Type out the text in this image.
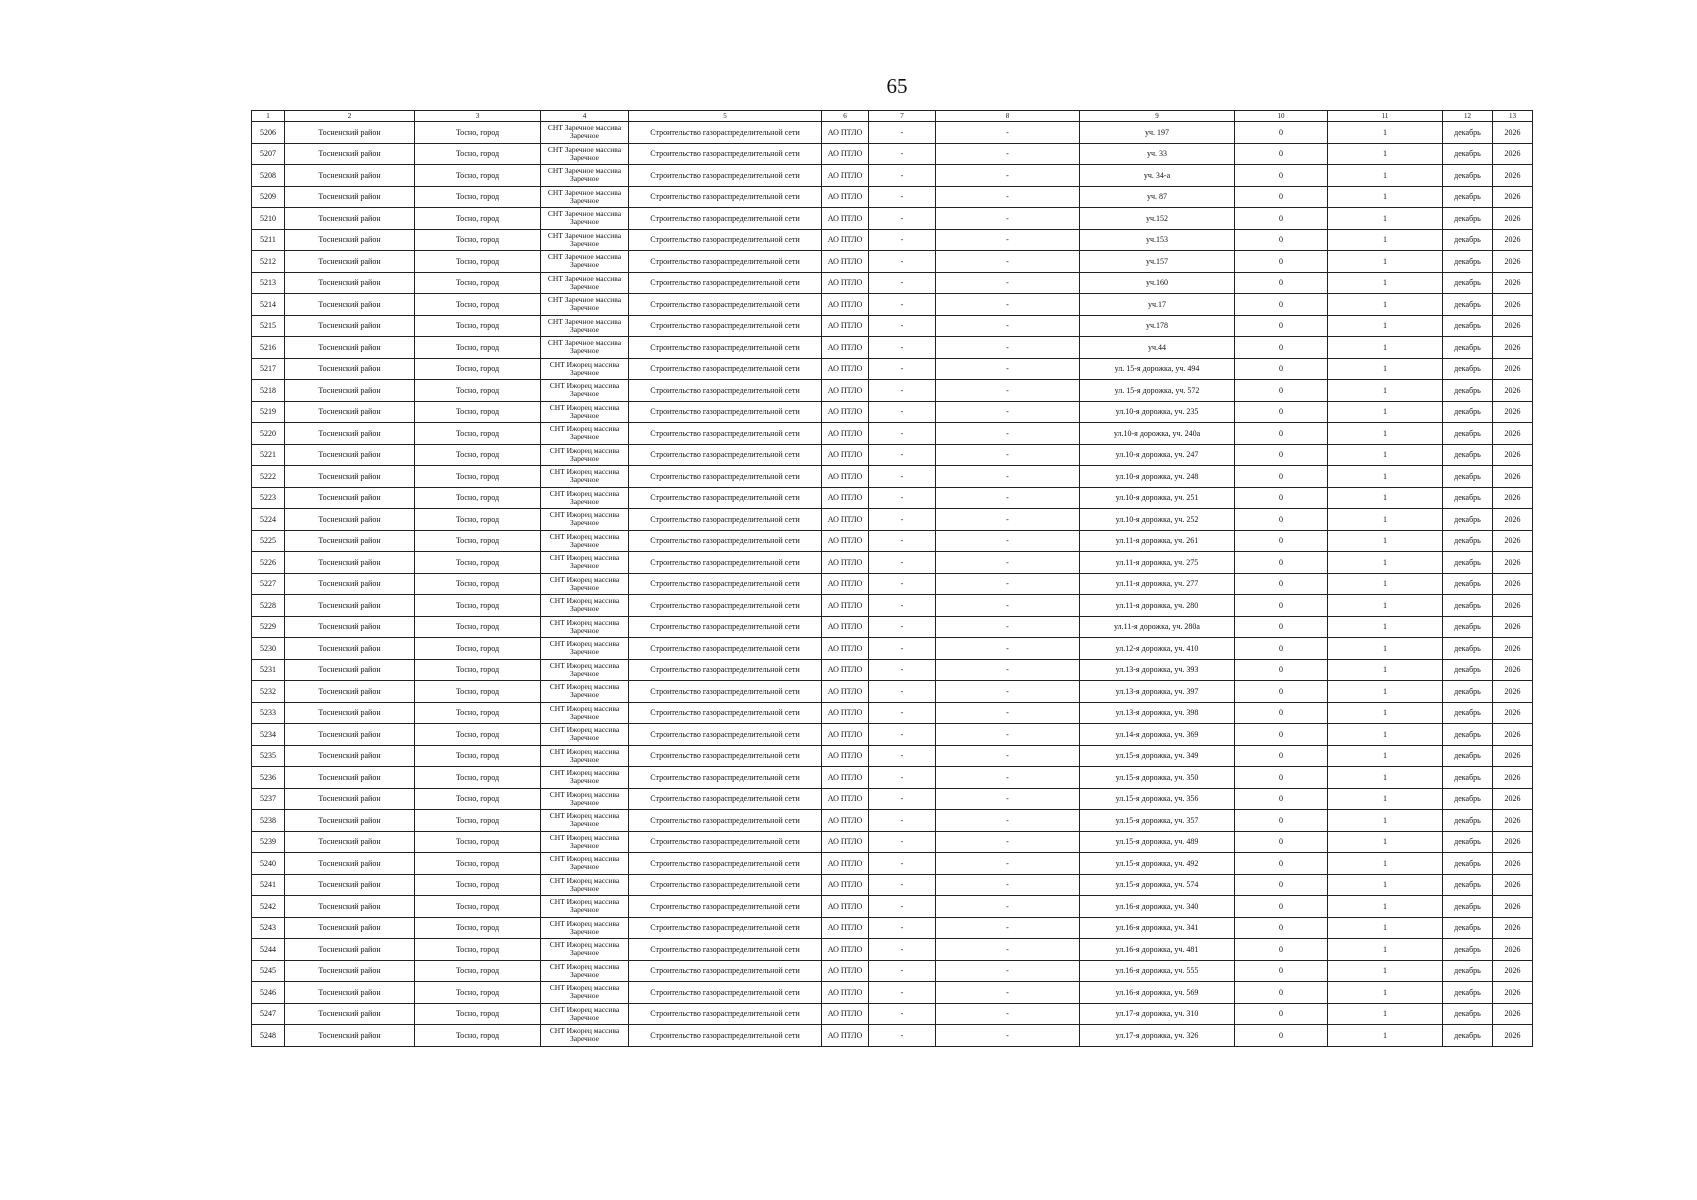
65
1	2	3	4	5	6	7	8	9	10	11	12	13
5206	Тосненский район	Тосно, город	СНТ Заречное массива Заречное	Строительство газораспределительной сети	АО ПТЛО	-	-	уч. 197	0	1	декабрь	2026
5207	Тосненский район	Тосно, город	СНТ Заречное массива Заречное	Строительство газораспределительной сети	АО ПТЛО	-	-	уч. 33	0	1	декабрь	2026
5208	Тосненский район	Тосно, город	СНТ Заречное массива Заречное	Строительство газораспределительной сети	АО ПТЛО	-	-	уч. 34-а	0	1	декабрь	2026
5209	Тосненский район	Тосно, город	СНТ Заречное массива Заречное	Строительство газораспределительной сети	АО ПТЛО	-	-	уч. 87	0	1	декабрь	2026
5210	Тосненский район	Тосно, город	СНТ Заречное массива Заречное	Строительство газораспределительной сети	АО ПТЛО	-	-	уч.152	0	1	декабрь	2026
5211	Тосненский район	Тосно, город	СНТ Заречное массива Заречное	Строительство газораспределительной сети	АО ПТЛО	-	-	уч.153	0	1	декабрь	2026
5212	Тосненский район	Тосно, город	СНТ Заречное массива Заречное	Строительство газораспределительной сети	АО ПТЛО	-	-	уч.157	0	1	декабрь	2026
5213	Тосненский район	Тосно, город	СНТ Заречное массива Заречное	Строительство газораспределительной сети	АО ПТЛО	-	-	уч.160	0	1	декабрь	2026
5214	Тосненский район	Тосно, город	СНТ Заречное массива Заречное	Строительство газораспределительной сети	АО ПТЛО	-	-	уч.17	0	1	декабрь	2026
5215	Тосненский район	Тосно, город	СНТ Заречное массива Заречное	Строительство газораспределительной сети	АО ПТЛО	-	-	уч.178	0	1	декабрь	2026
5216	Тосненский район	Тосно, город	СНТ Заречное массива Заречное	Строительство газораспределительной сети	АО ПТЛО	-	-	уч.44	0	1	декабрь	2026
5217	Тосненский район	Тосно, город	СНТ Ижорец массива Заречное	Строительство газораспределительной сети	АО ПТЛО	-	-	ул. 15-я дорожка, уч. 494	0	1	декабрь	2026
5218	Тосненский район	Тосно, город	СНТ Ижорец массива Заречное	Строительство газораспределительной сети	АО ПТЛО	-	-	ул. 15-я дорожка, уч. 572	0	1	декабрь	2026
5219	Тосненский район	Тосно, город	СНТ Ижорец массива Заречное	Строительство газораспределительной сети	АО ПТЛО	-	-	ул.10-я дорожка, уч. 235	0	1	декабрь	2026
5220	Тосненский район	Тосно, город	СНТ Ижорец массива Заречное	Строительство газораспределительной сети	АО ПТЛО	-	-	ул.10-я дорожка, уч. 240а	0	1	декабрь	2026
5221	Тосненский район	Тосно, город	СНТ Ижорец массива Заречное	Строительство газораспределительной сети	АО ПТЛО	-	-	ул.10-я дорожка, уч. 247	0	1	декабрь	2026
5222	Тосненский район	Тосно, город	СНТ Ижорец массива Заречное	Строительство газораспределительной сети	АО ПТЛО	-	-	ул.10-я дорожка, уч. 248	0	1	декабрь	2026
5223	Тосненский район	Тосно, город	СНТ Ижорец массива Заречное	Строительство газораспределительной сети	АО ПТЛО	-	-	ул.10-я дорожка, уч. 251	0	1	декабрь	2026
5224	Тосненский район	Тосно, город	СНТ Ижорец массива Заречное	Строительство газораспределительной сети	АО ПТЛО	-	-	ул.10-я дорожка, уч. 252	0	1	декабрь	2026
5225	Тосненский район	Тосно, город	СНТ Ижорец массива Заречное	Строительство газораспределительной сети	АО ПТЛО	-	-	ул.11-я дорожка, уч. 261	0	1	декабрь	2026
5226	Тосненский район	Тосно, город	СНТ Ижорец массива Заречное	Строительство газораспределительной сети	АО ПТЛО	-	-	ул.11-я дорожка, уч. 275	0	1	декабрь	2026
5227	Тосненский район	Тосно, город	СНТ Ижорец массива Заречное	Строительство газораспределительной сети	АО ПТЛО	-	-	ул.11-я дорожка, уч. 277	0	1	декабрь	2026
5228	Тосненский район	Тосно, город	СНТ Ижорец массива Заречное	Строительство газораспределительной сети	АО ПТЛО	-	-	ул.11-я дорожка, уч. 280	0	1	декабрь	2026
5229	Тосненский район	Тосно, город	СНТ Ижорец массива Заречное	Строительство газораспределительной сети	АО ПТЛО	-	-	ул.11-я дорожка, уч. 280а	0	1	декабрь	2026
5230	Тосненский район	Тосно, город	СНТ Ижорец массива Заречное	Строительство газораспределительной сети	АО ПТЛО	-	-	ул.12-я дорожка, уч. 410	0	1	декабрь	2026
5231	Тосненский район	Тосно, город	СНТ Ижорец массива Заречное	Строительство газораспределительной сети	АО ПТЛО	-	-	ул.13-я дорожка, уч. 393	0	1	декабрь	2026
5232	Тосненский район	Тосно, город	СНТ Ижорец массива Заречное	Строительство газораспределительной сети	АО ПТЛО	-	-	ул.13-я дорожка, уч. 397	0	1	декабрь	2026
5233	Тосненский район	Тосно, город	СНТ Ижорец массива Заречное	Строительство газораспределительной сети	АО ПТЛО	-	-	ул.13-я дорожка, уч. 398	0	1	декабрь	2026
5234	Тосненский район	Тосно, город	СНТ Ижорец массива Заречное	Строительство газораспределительной сети	АО ПТЛО	-	-	ул.14-я дорожка, уч. 369	0	1	декабрь	2026
5235	Тосненский район	Тосно, город	СНТ Ижорец массива Заречное	Строительство газораспределительной сети	АО ПТЛО	-	-	ул.15-я дорожка, уч. 349	0	1	декабрь	2026
5236	Тосненский район	Тосно, город	СНТ Ижорец массива Заречное	Строительство газораспределительной сети	АО ПТЛО	-	-	ул.15-я дорожка, уч. 350	0	1	декабрь	2026
5237	Тосненский район	Тосно, город	СНТ Ижорец массива Заречное	Строительство газораспределительной сети	АО ПТЛО	-	-	ул.15-я дорожка, уч. 356	0	1	декабрь	2026
5238	Тосненский район	Тосно, город	СНТ Ижорец массива Заречное	Строительство газораспределительной сети	АО ПТЛО	-	-	ул.15-я дорожка, уч. 357	0	1	декабрь	2026
5239	Тосненский район	Тосно, город	СНТ Ижорец массива Заречное	Строительство газораспределительной сети	АО ПТЛО	-	-	ул.15-я дорожка, уч. 489	0	1	декабрь	2026
5240	Тосненский район	Тосно, город	СНТ Ижорец массива Заречное	Строительство газораспределительной сети	АО ПТЛО	-	-	ул.15-я дорожка, уч. 492	0	1	декабрь	2026
5241	Тосненский район	Тосно, город	СНТ Ижорец массива Заречное	Строительство газораспределительной сети	АО ПТЛО	-	-	ул.15-я дорожка, уч. 574	0	1	декабрь	2026
5242	Тосненский район	Тосно, город	СНТ Ижорец массива Заречное	Строительство газораспределительной сети	АО ПТЛО	-	-	ул.16-я дорожка, уч. 340	0	1	декабрь	2026
5243	Тосненский район	Тосно, город	СНТ Ижорец массива Заречное	Строительство газораспределительной сети	АО ПТЛО	-	-	ул.16-я дорожка, уч. 341	0	1	декабрь	2026
5244	Тосненский район	Тосно, город	СНТ Ижорец массива Заречное	Строительство газораспределительной сети	АО ПТЛО	-	-	ул.16-я дорожка, уч. 481	0	1	декабрь	2026
5245	Тосненский район	Тосно, город	СНТ Ижорец массива Заречное	Строительство газораспределительной сети	АО ПТЛО	-	-	ул.16-я дорожка, уч. 555	0	1	декабрь	2026
5246	Тосненский район	Тосно, город	СНТ Ижорец массива Заречное	Строительство газораспределительной сети	АО ПТЛО	-	-	ул.16-я дорожка, уч. 569	0	1	декабрь	2026
5247	Тосненский район	Тосно, город	СНТ Ижорец массива Заречное	Строительство газораспределительной сети	АО ПТЛО	-	-	ул.17-я дорожка, уч. 310	0	1	декабрь	2026
5248	Тосненский район	Тосно, город	СНТ Ижорец массива Заречное	Строительство газораспределительной сети	АО ПТЛО	-	-	ул.17-я дорожка, уч. 326	0	1	декабрь	2026
